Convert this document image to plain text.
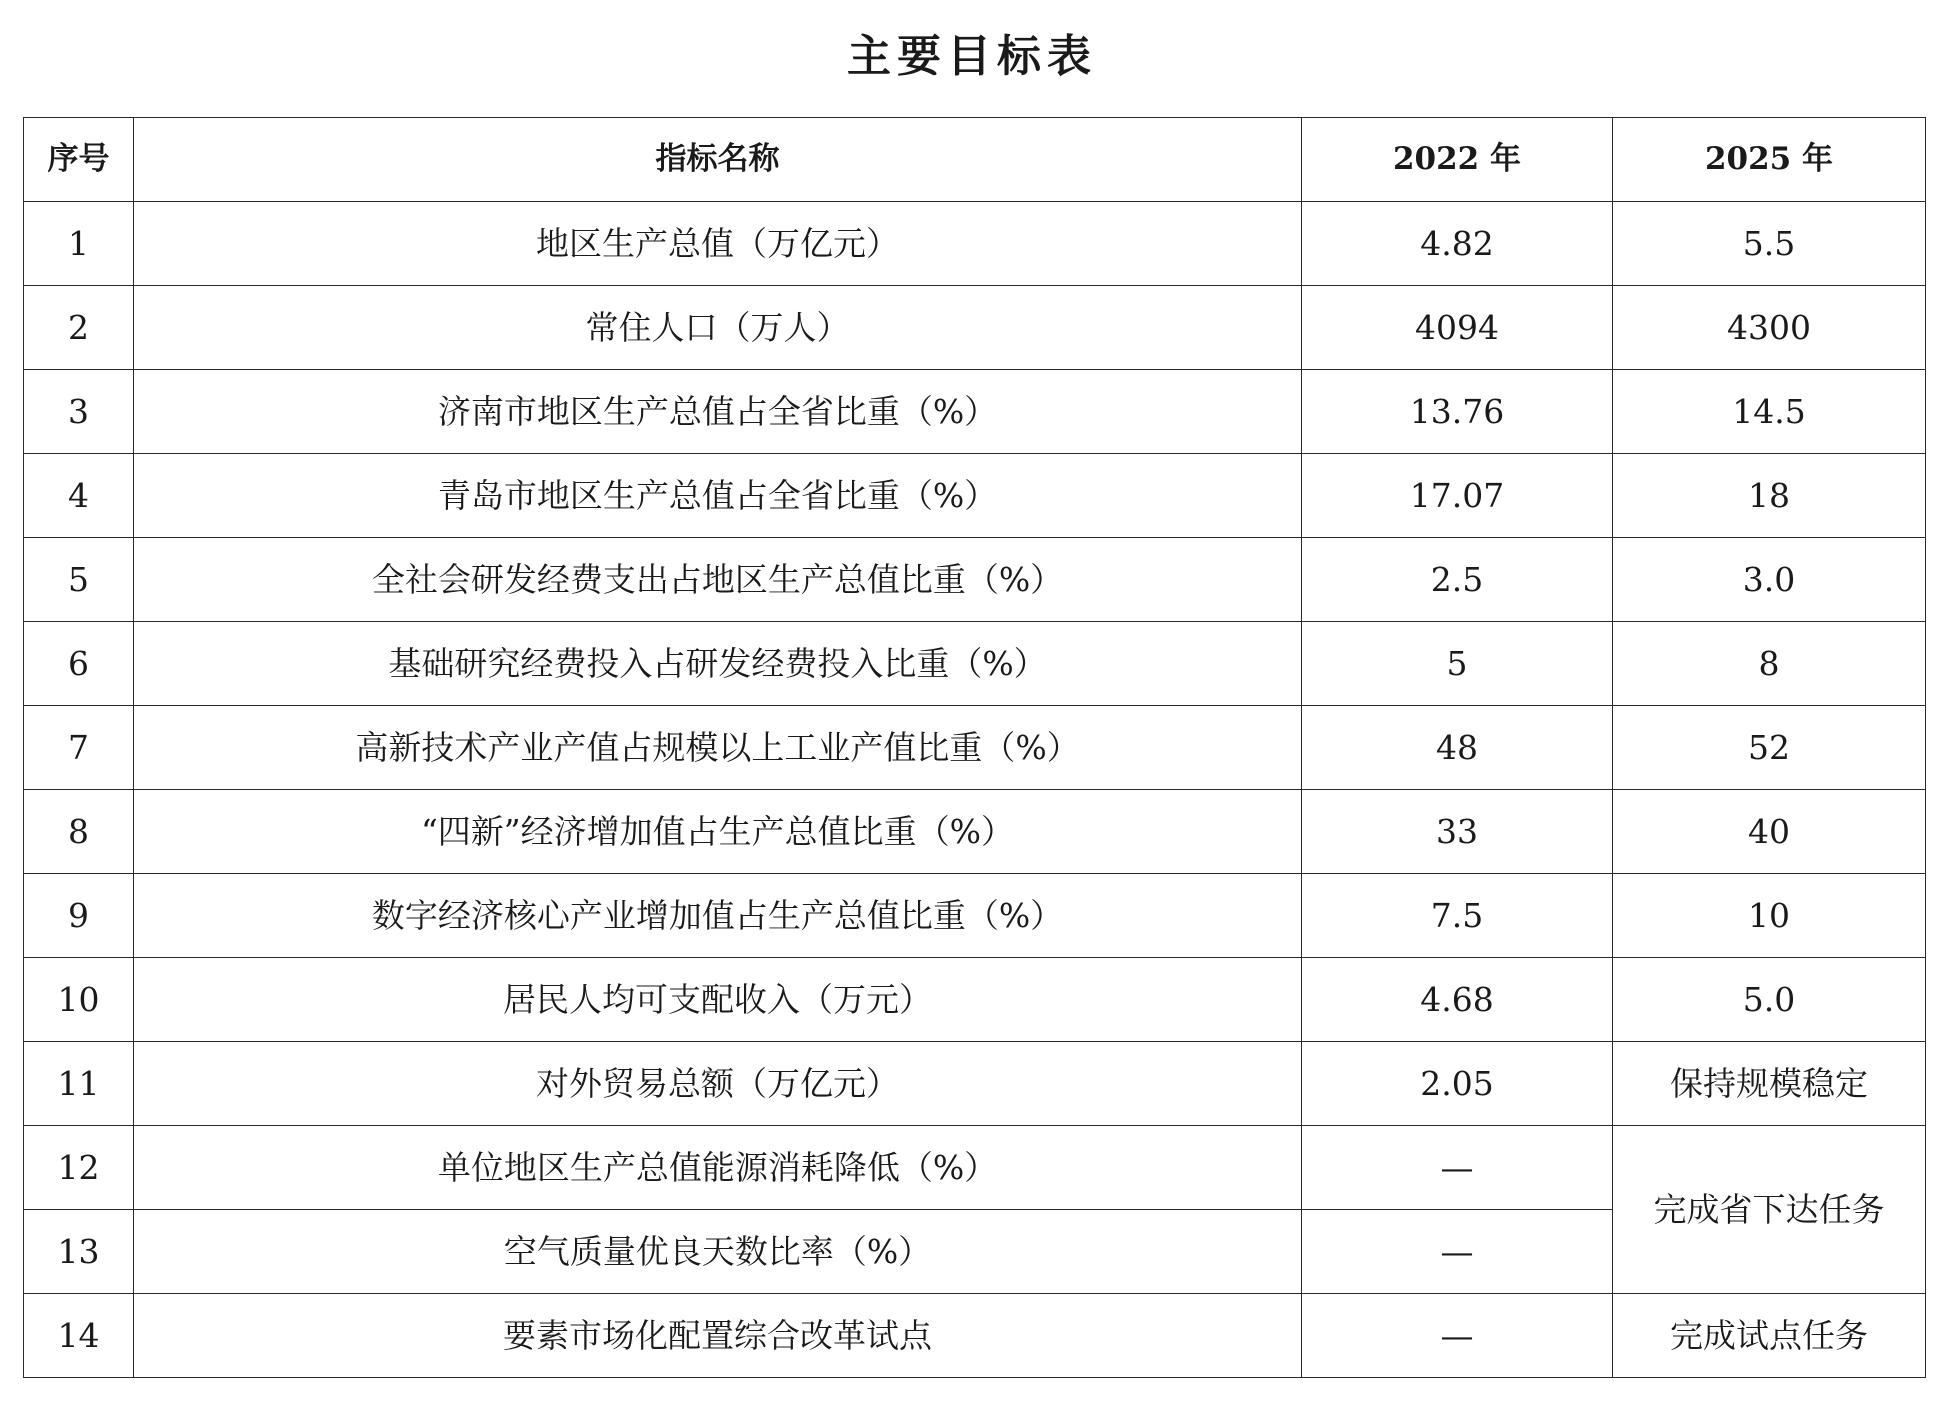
主要目标表
序号	指标名称	2022 年	2025 年
1	地区生产总值（万亿元）	4.82	5.5
2	常住人口（万人）	4094	4300
3	济南市地区生产总值占全省比重（%）	13.76	14.5
4	青岛市地区生产总值占全省比重（%）	17.07	18
5	全社会研发经费支出占地区生产总值比重（%）	2.5	3.0
6	基础研究经费投入占研发经费投入比重（%）	5	8
7	高新技术产业产值占规模以上工业产值比重（%）	48	52
8	“四新”经济增加值占生产总值比重（%）	33	40
9	数字经济核心产业增加值占生产总值比重（%）	7.5	10
10	居民人均可支配收入（万元）	4.68	5.0
11	对外贸易总额（万亿元）	2.05	保持规模稳定
12	单位地区生产总值能源消耗降低（%）	—	完成省下达任务
13	空气质量优良天数比率（%）	—	
14	要素市场化配置综合改革试点	—	完成试点任务
